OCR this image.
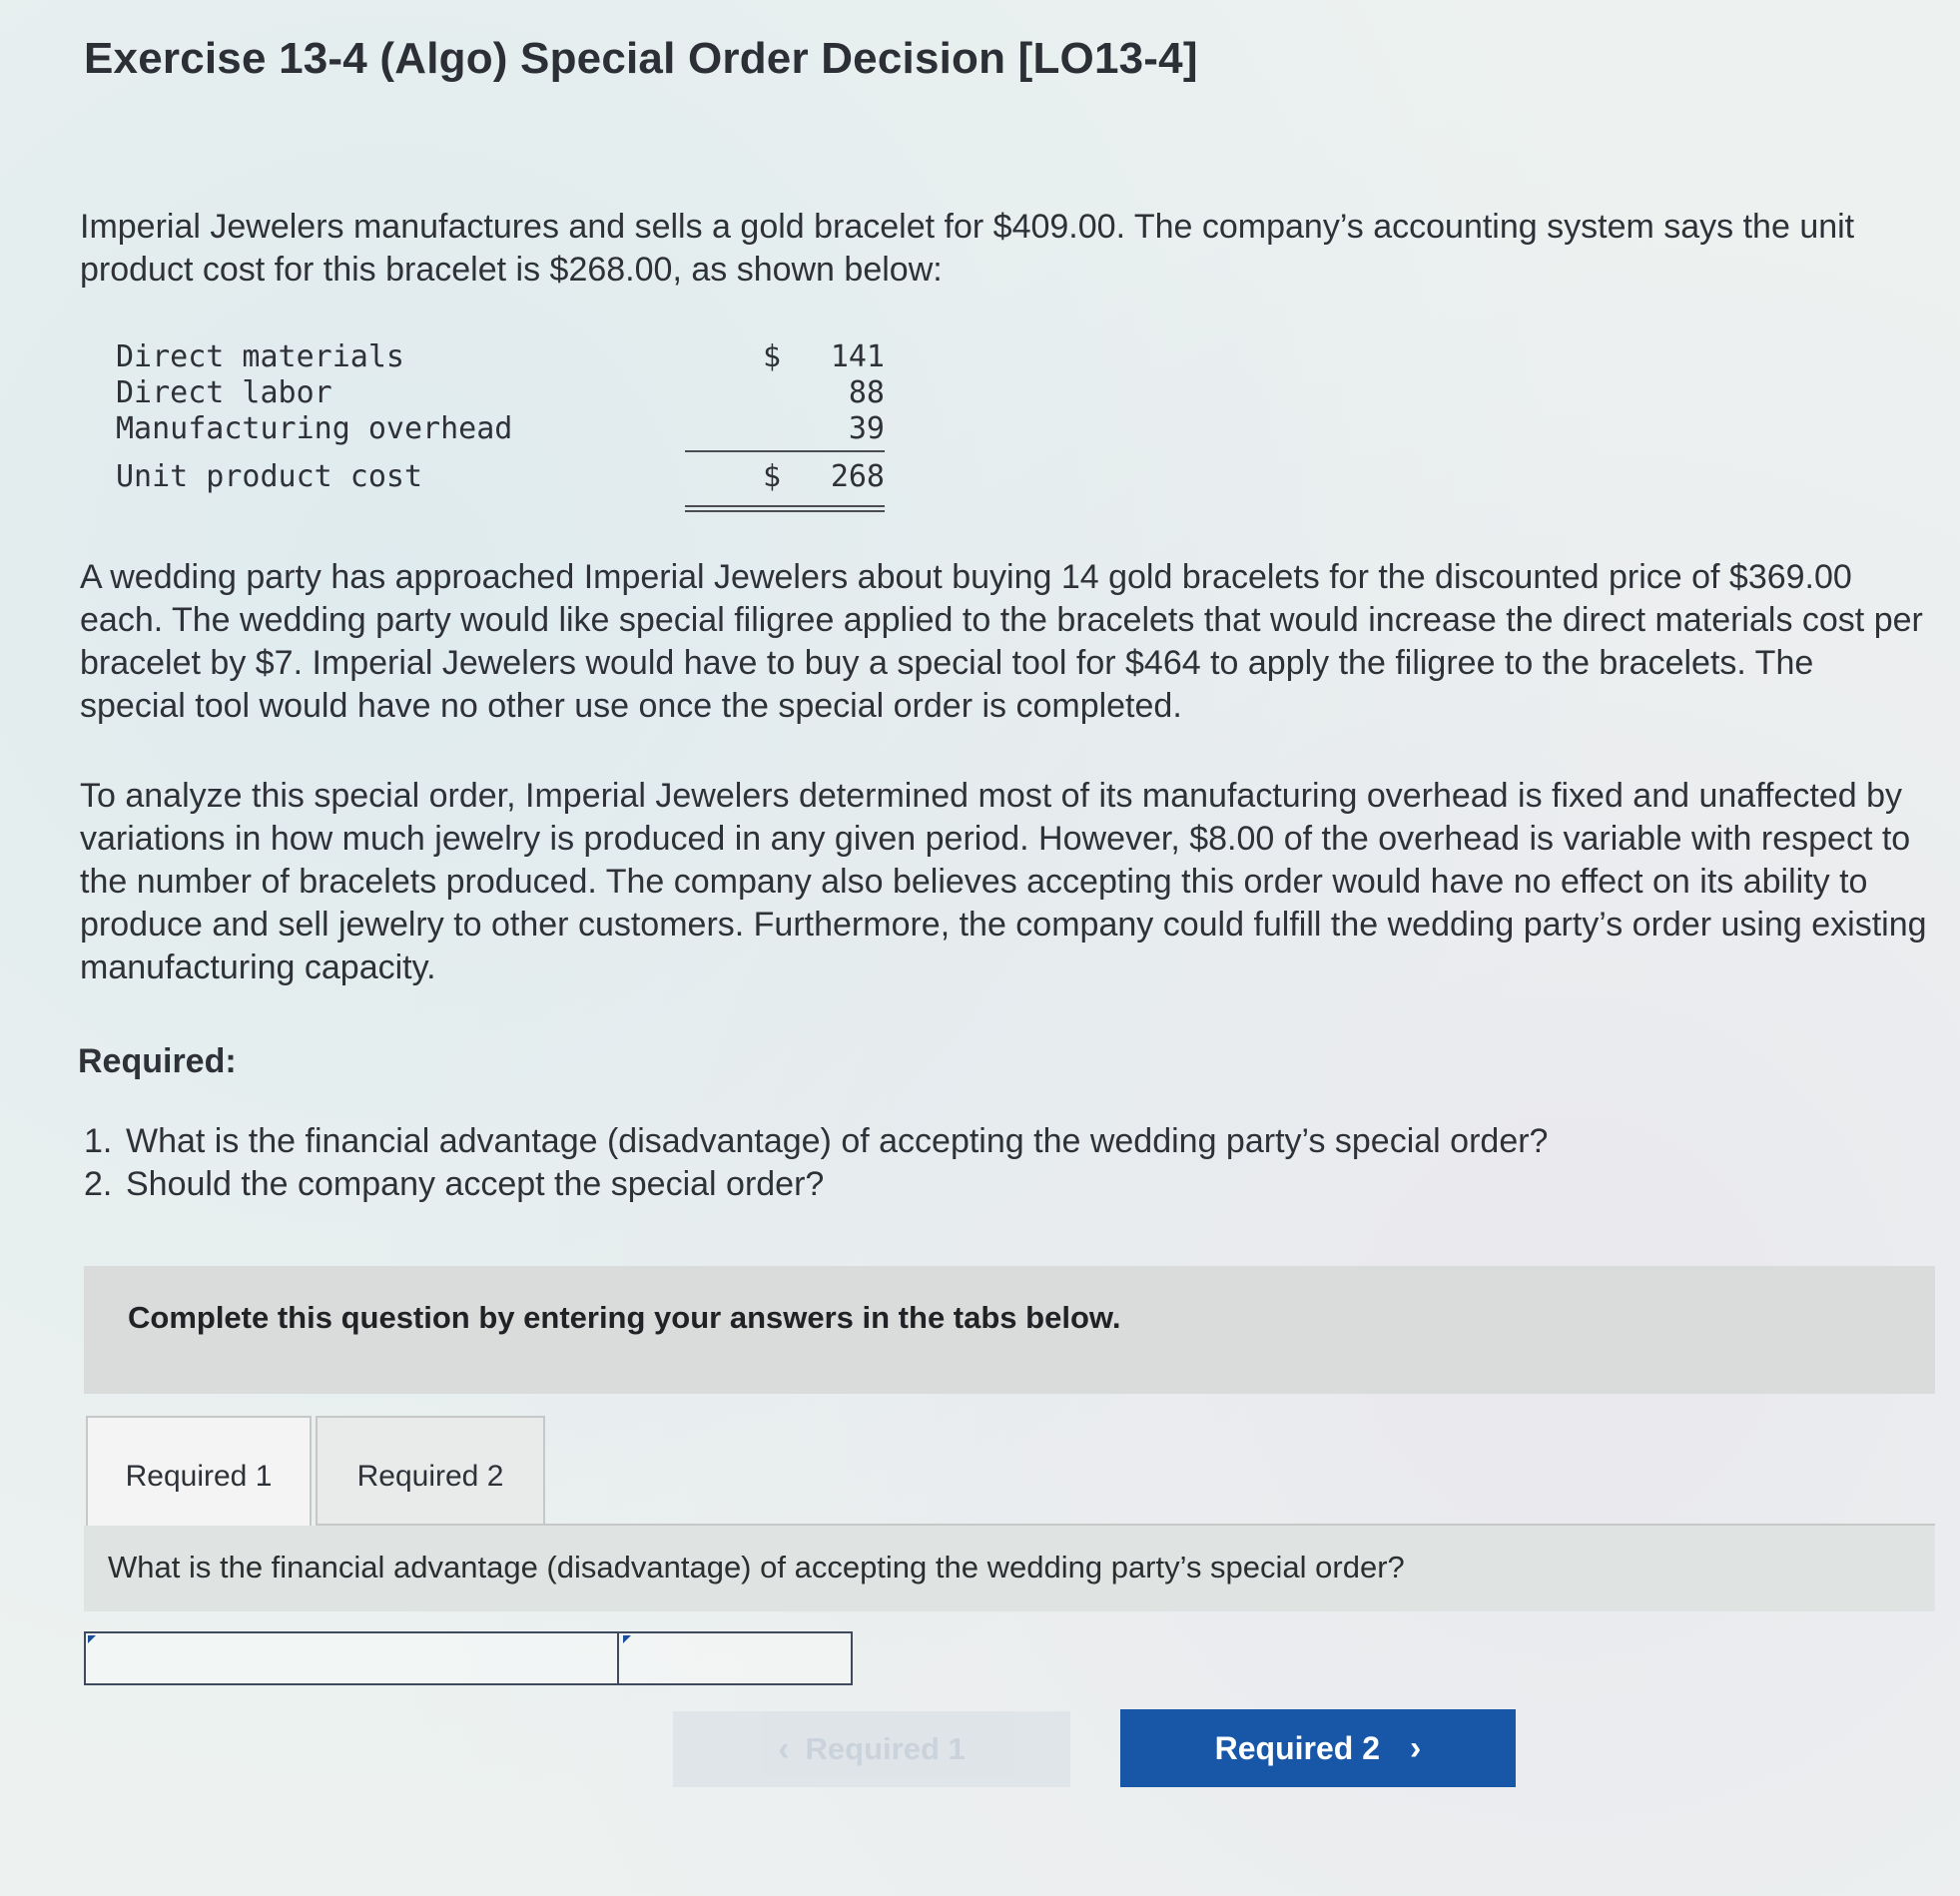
Exercise 13-4 (Algo) Special Order Decision [LO13-4]
Imperial Jewelers manufactures and sells a gold bracelet for $409.00. The company’s accounting system says the unit product cost for this bracelet is $268.00, as shown below:
Direct materials	$	141
Direct labor	88
Manufacturing overhead	39
Unit product cost	$	268
A wedding party has approached Imperial Jewelers about buying 14 gold bracelets for the discounted price of $369.00 each. The wedding party would like special filigree applied to the bracelets that would increase the direct materials cost per bracelet by $7. Imperial Jewelers would have to buy a special tool for $464 to apply the filigree to the bracelets. The special tool would have no other use once the special order is completed.
To analyze this special order, Imperial Jewelers determined most of its manufacturing overhead is fixed and unaffected by variations in how much jewelry is produced in any given period. However, $8.00 of the overhead is variable with respect to the number of bracelets produced. The company also believes accepting this order would have no effect on its ability to produce and sell jewelry to other customers. Furthermore, the company could fulfill the wedding party’s order using existing manufacturing capacity.
Required:
1. What is the financial advantage (disadvantage) of accepting the wedding party’s special order?
2. Should the company accept the special order?
Complete this question by entering your answers in the tabs below.
Required 1	Required 2
What is the financial advantage (disadvantage) of accepting the wedding party’s special order?
‹ Required 1	Required 2 ›
